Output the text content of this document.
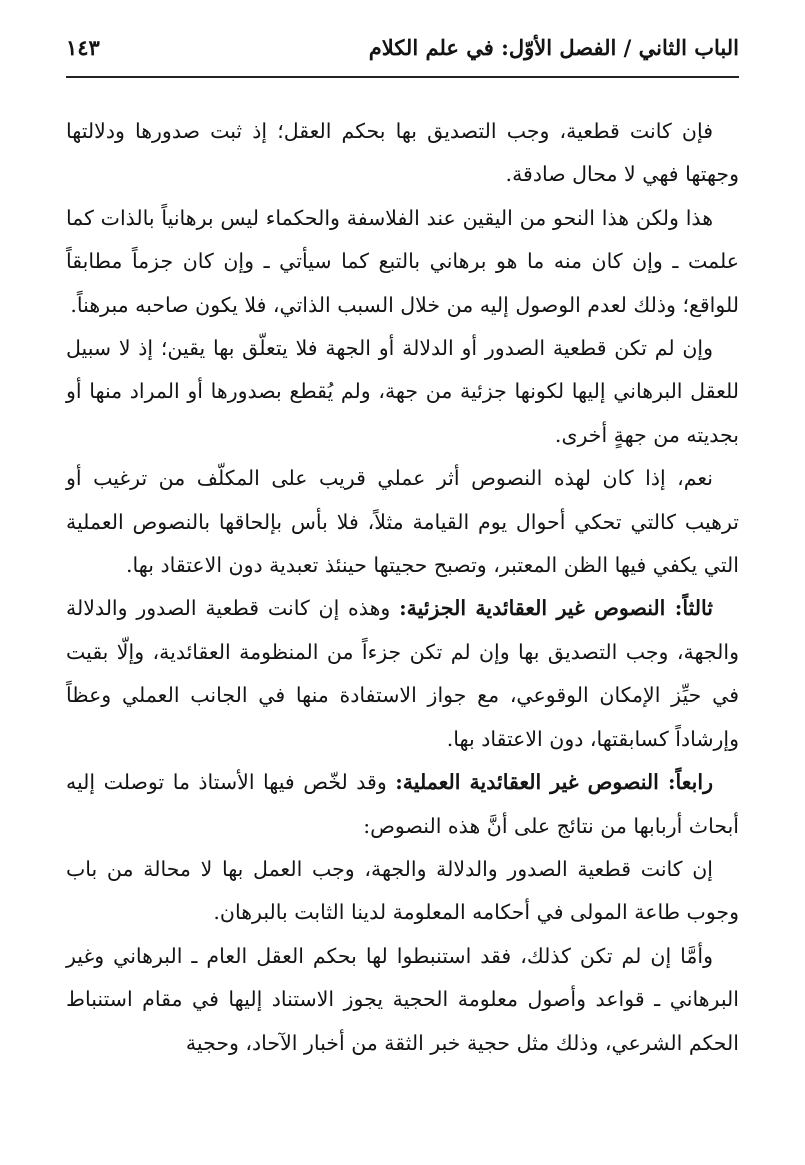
الباب الثاني / الفصل الأوّل: في علم الكلام
١٤٣

فإن كانت قطعية، وجب التصديق بها بحكم العقل؛ إذ ثبت صدورها ودلالتها وجهتها فهي لا محال صادقة.

هذا ولكن هذا النحو من اليقين عند الفلاسفة والحكماء ليس برهانياً بالذات كما علمت ـ وإن كان منه ما هو برهاني بالتبع كما سيأتي ـ وإن كان جزماً مطابقاً للواقع؛ وذلك لعدم الوصول إليه من خلال السبب الذاتي، فلا يكون صاحبه مبرهناً.

وإن لم تكن قطعية الصدور أو الدلالة أو الجهة فلا يتعلّق بها يقين؛ إذ لا سبيل للعقل البرهاني إليها لكونها جزئية من جهة، ولم يُقطع بصدورها أو المراد منها أو بجديته من جهةٍ أخرى.

نعم، إذا كان لهذه النصوص أثر عملي قريب على المكلّف من ترغيب أو ترهيب كالتي تحكي أحوال يوم القيامة مثلاً، فلا بأس بإلحاقها بالنصوص العملية التي يكفي فيها الظن المعتبر، وتصبح حجيتها حينئذ تعبدية دون الاعتقاد بها.

ثالثاً: النصوص غير العقائدية الجزئية: وهذه إن كانت قطعية الصدور والدلالة والجهة، وجب التصديق بها وإن لم تكن جزءاً من المنظومة العقائدية، وإلّا بقيت في حيِّز الإمكان الوقوعي، مع جواز الاستفادة منها في الجانب العملي وعظاً وإرشاداً كسابقتها، دون الاعتقاد بها.

رابعاً: النصوص غير العقائدية العملية: وقد لخّص فيها الأستاذ ما توصلت إليه أبحاث أربابها من نتائج على أنَّ هذه النصوص:

إن كانت قطعية الصدور والدلالة والجهة، وجب العمل بها لا محالة من باب وجوب طاعة المولى في أحكامه المعلومة لدينا الثابت بالبرهان.

وأمَّا إن لم تكن كذلك، فقد استنبطوا لها بحكم العقل العام ـ البرهاني وغير البرهاني ـ قواعد وأصول معلومة الحجية يجوز الاستناد إليها في مقام استنباط الحكم الشرعي، وذلك مثل حجية خبر الثقة من أخبار الآحاد، وحجية
